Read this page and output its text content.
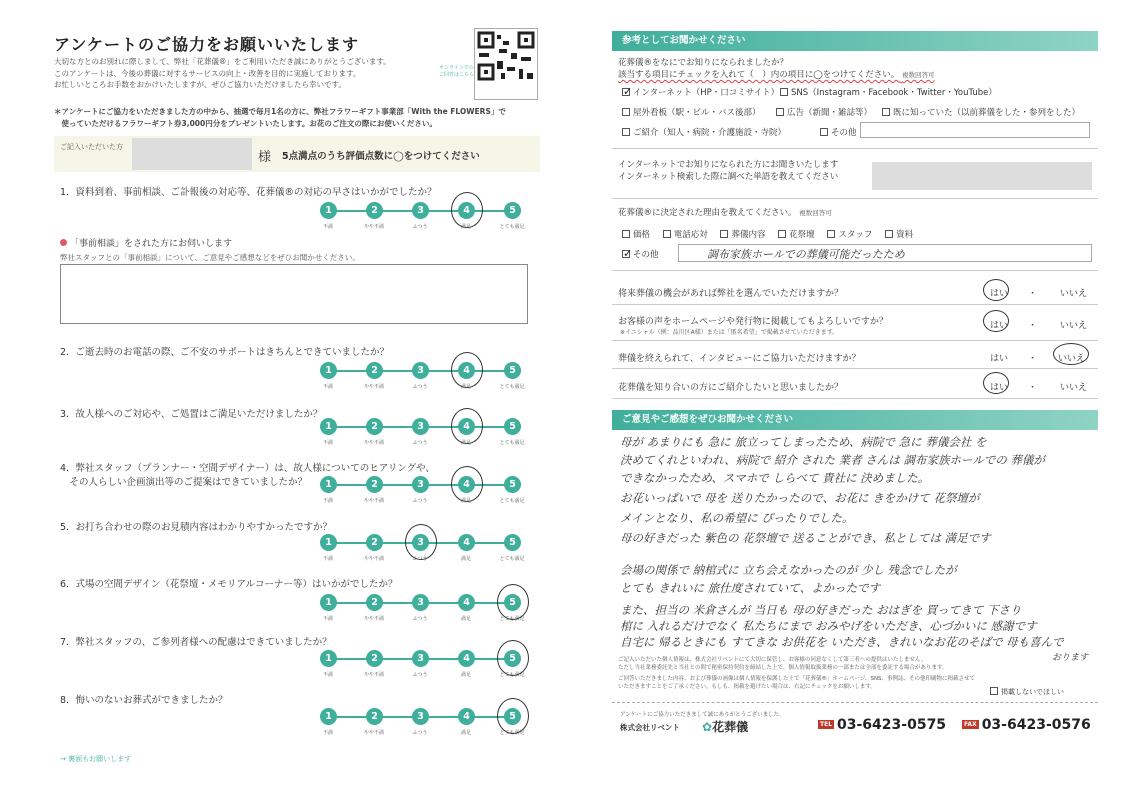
アンケートのご協力をお願いいたします
大切な方とのお別れに際しまして、弊社「花葬儀®」をご利用いただき誠にありがとうございます。
このアンケートは、今後の葬儀に対するサービスの向上・改善を目的に実施しております。
お忙しいところお手数をおかけいたしますが、ぜひご協力いただけましたら幸いです。
オンラインでの
ご回答はこちら
＊アンケートにご協力をいただきました方の中から、抽選で毎月1名の方に、弊社フラワーギフト事業部「With the FLOWERS」で
　使っていただけるフラワーギフト券3,000円分をプレゼントいたします。お花のご注文の際にお使いください。
ご記入いただいた方
様 5点満点のうち評価点数に◯をつけてください
1．資料到着、事前相談、ご訃報後の対応等、花葬儀®の対応の早さはいかがでしたか？
1
不満
2
やや不満
3
ふつう
4
満足
5
とても満足
「事前相談」をされた方にお伺いします
弊社スタッフとの「事前相談」について、ご意見やご感想などをぜひお聞かせください。
2．ご逝去時のお電話の際、ご不安のサポートはきちんとできていましたか？
1
不満
2
やや不満
3
ふつう
4
満足
5
とても満足
3．故人様へのご対応や、ご処置はご満足いただけましたか？
1
不満
2
やや不満
3
ふつう
4
満足
5
とても満足
4．弊社スタッフ（プランナー・空間デザイナー）は、故人様についてのヒアリングや、
　その人らしい企画演出等のご提案はできていましたか？	1
不満
2
やや不満
3
ふつう
4
満足
5
とても満足
5．お打ち合わせの際のお見積内容はわかりやすかったですか？
1
不満
2
やや不満
3
ふつう
4
満足
5
とても満足
6．式場の空間デザイン（花祭壇・メモリアルコーナー等）はいかがでしたか？
1
不満
2
やや不満
3
ふつう
4
満足
5
とても満足
7．弊社スタッフの、ご参列者様への配慮はできていましたか？
1
不満
2
やや不満
3
ふつう
4
満足
5
とても満足
8．悔いのないお葬式ができましたか？
1
不満
2
やや不満
3
ふつう
4
満足
5
とても満足
→ 裏面もお願いします
参考としてお聞かせください
花葬儀®をなにでお知りになられましたか？
該当する項目にチェックを入れて（　）内の項目に◯をつけてください。 複数回答可
✓ インターネット（HP・口コミサイト）	SNS（Instagram・Facebook・Twitter・YouTube）
屋外看板（駅・ビル・バス後部）	広告（新聞・雑誌等）	既に知っていた（以前葬儀をした・参列をした）
ご紹介（知人・病院・介護施設・寺院）	その他
インターネットでお知りになられた方にお聞きいたします
インターネット検索した際に調べた単語を教えてください
花葬儀®に決定された理由を教えてください。 複数回答可
価格	電話応対	葬儀内容	花祭壇	スタッフ	資料
✓ その他	調布家族ホールでの葬儀可能だったため
将来葬儀の機会があれば弊社を選んでいただけますか？	はい ・	いいえ
お客様の声をホームページや発行物に掲載してもよろしいですか？
※イニシャル（例：品川区A様）または「匿名希望」で掲載させていただきます。
はい ・	いいえ
葬儀を終えられて、インタビューにご協力いただけますか？	はい ・ いいえ
花葬儀を知り合いの方にご紹介したいと思いましたか？	はい ・	いいえ
ご意見やご感想をぜひお聞かせください
母が あまりにも 急に 旅立ってしまったため、病院で 急に 葬儀会社 を
決めてくれといわれ、病院で 紹介 された 業者 さんは 調布家族ホールでの 葬儀が
できなかったため、スマホで しらべて 貴社に 決めました。
お花いっぱいで 母を 送りたかったので、お花に きをかけて 花祭壇が
メインとなり、私の希望に ぴったりでした。
母の好きだった 紫色の 花祭壇で 送ることができ、私としては 満足です
会場の関係で 納棺式に 立ち会えなかったのが 少し 残念でしたが
とても きれいに 旅仕度されていて、よかったです
また、担当の 米倉さんが 当日も 母の好きだった おはぎを 買ってきて 下さり
棺に 入れるだけでなく 私たちにまで おみやげをいただき、心づかいに 感謝です
自宅に 帰るときにも すてきな お供花を いただき、きれいなお花のそばで 母も喜んで
おります
ご記入いただいた個人情報は、株式会社リベントにて大切に保管し、お客様の同意なくして第三者への提供はいたしません。
ただし当社業務委託先と当社との間で秘密保持契約を締結した上で、個人情報取扱業務の一部または全部を委託する場合があります。
ご回答いただきました内容、および葬儀の画像は個人情報を保護した上で「花葬儀®」ホームページ、SNS、事例誌、その他印刷物に掲載させて
いただきますことをご了承ください。もしも、掲載を避けたい場合は、右記にチェックをお願いします。
掲載しないでほしい
アンケートにご協力いただきまして誠にありがとうございました。
株式会社リベント ✿花葬儀	$^{TEL}$ 03-6423-0575	$^{FAX}$ 03-6423-0576
